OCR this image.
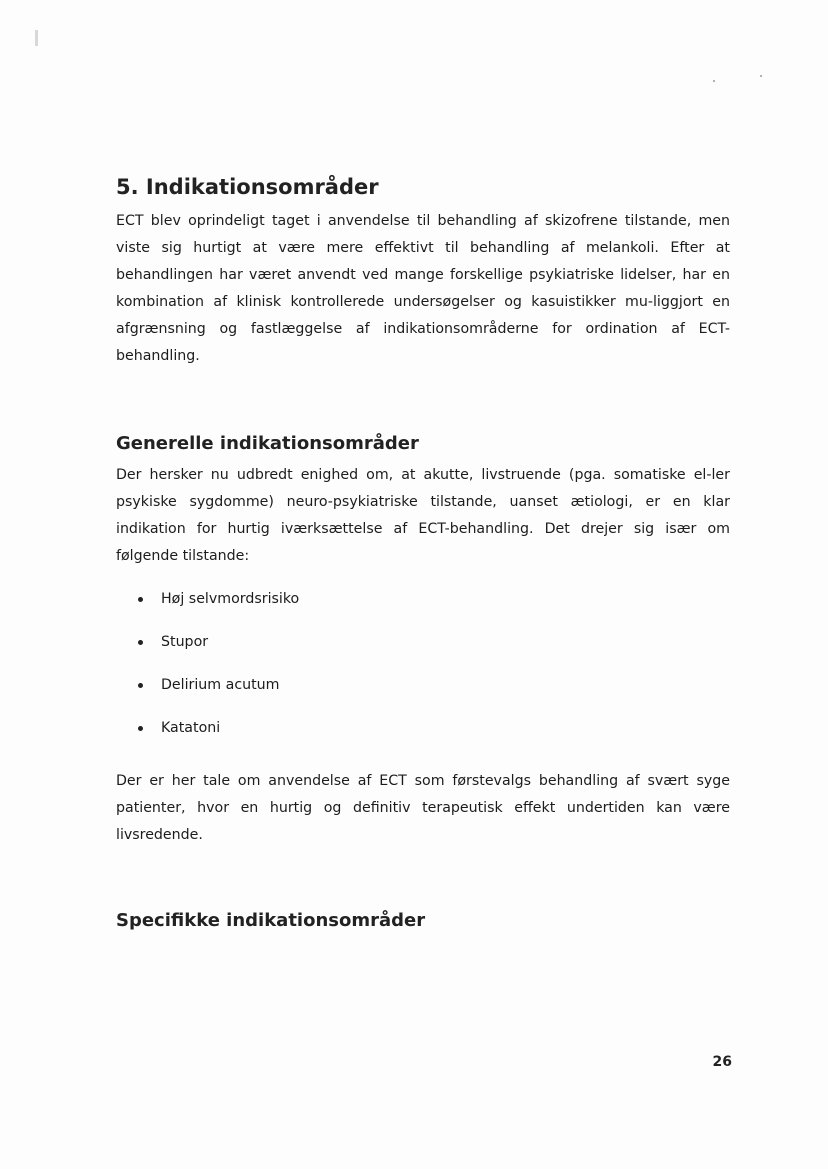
5. Indikationsområder

ECT blev oprindeligt taget i anvendelse til behandling af skizofrene tilstande, men viste sig hurtigt at være mere effektivt til behandling af melankoli. Efter at behandlingen har været anvendt ved mange forskellige psykiatriske lidelser, har en kombination af klinisk kontrollerede undersøgelser og kasuistikker mu-liggjort en afgrænsning og fastlæggelse af indikationsområderne for ordination af ECT-behandling.

Generelle indikationsområder

Der hersker nu udbredt enighed om, at akutte, livstruende (pga. somatiske el-ler psykiske sygdomme) neuro-psykiatriske tilstande, uanset ætiologi, er en klar indikation for hurtig iværksættelse af ECT-behandling. Det drejer sig især om følgende tilstande:

Høj selvmordsrisiko
Stupor
Delirium acutum
Katatoni

Der er her tale om anvendelse af ECT som førstevalgs behandling af svært syge patienter, hvor en hurtig og definitiv terapeutisk effekt undertiden kan være livsredende.

Specifikke indikationsområder
26
